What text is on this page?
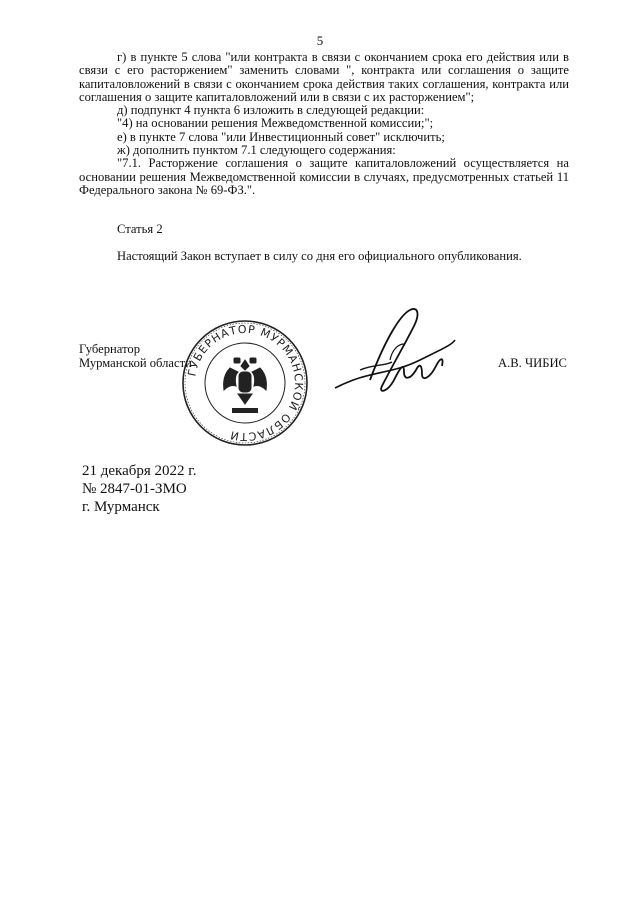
5

г) в пункте 5 слова "или контракта в связи с окончанием срока его действия или в связи с его расторжением" заменить словами ", контракта или соглашения о защите капиталовложений в связи с окончанием срока действия таких соглашения, контракта или соглашения о защите капиталовложений или в связи с их расторжением";

д) подпункт 4 пункта 6 изложить в следующей редакции:

"4) на основании решения Межведомственной комиссии;";

е) в пункте 7 слова "или Инвестиционный совет" исключить;

ж) дополнить пунктом 7.1 следующего содержания:

"7.1. Расторжение соглашения о защите капиталовложений осуществляется на основании решения Межведомственной комиссии в случаях, предусмотренных статьей 11 Федерального закона № 69-ФЗ.".

Статья 2

Настоящий Закон вступает в силу со дня его официального опубликования.

Губернатор
Мурманской области	А.В. ЧИБИС
ГУБЕРНАТОР МУРМАНСКОЙ ОБЛАСТИ
21 декабря 2022 г.
№ 2847-01-ЗМО
г. Мурманск
